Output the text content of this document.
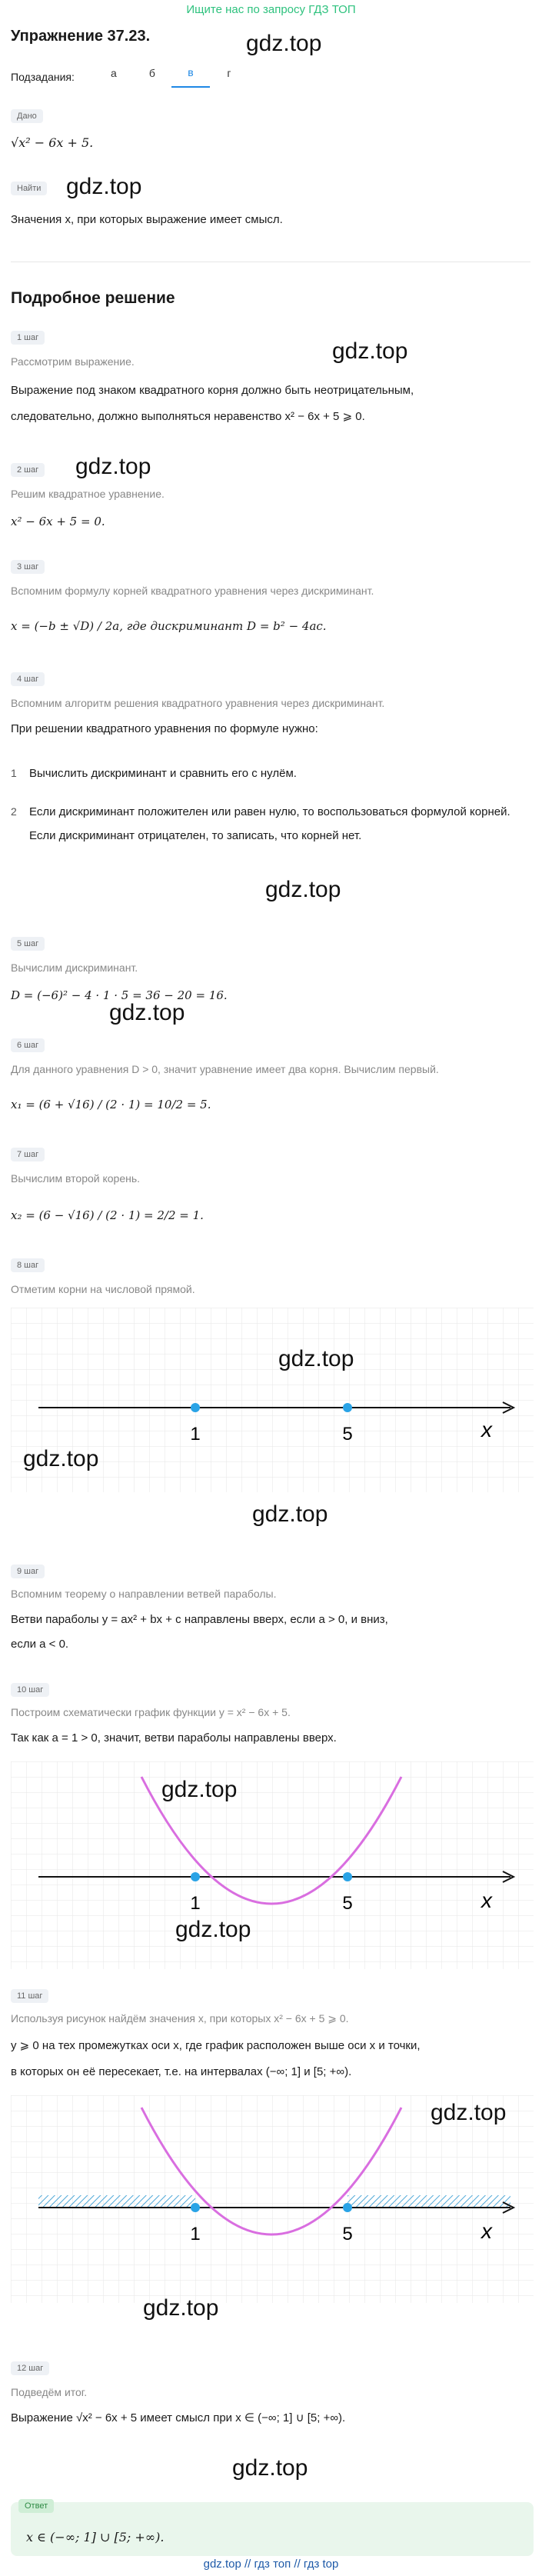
Ищите нас по запросу ГДЗ ТОП
Упражнение 37.23.	gdz.top
Подзадания:	а	б	в	г
Дано
√x² − 6x + 5.
Найти gdz.top
Значения x, при которых выражение имеет смысл.
Подробное решение
1 шаг
gdz.top
Рассмотрим выражение.
Выражение под знаком квадратного корня должно быть неотрицательным,
следовательно, должно выполняться неравенство x² − 6x + 5 ⩾ 0.
2 шаг gdz.top
Решим квадратное уравнение.
x² − 6x + 5 = 0.
3 шаг
Вспомним формулу корней квадратного уравнения через дискриминант.
x = (−b ± √D) / 2a, где дискриминант D = b² − 4ac.
4 шаг
Вспомним алгоритм решения квадратного уравнения через дискриминант.
При решении квадратного уравнения по формуле нужно:
1	Вычислить дискриминант и сравнить его с нулём.
2	Если дискриминант положителен или равен нулю, то воспользоваться формулой корней. Если дискриминант отрицателен, то записать, что корней нет.
gdz.top
5 шаг
Вычислим дискриминант.
D = (−6)² − 4 · 1 · 5 = 36 − 20 = 16.
gdz.top
6 шаг
Для данного уравнения D > 0, значит уравнение имеет два корня. Вычислим первый.
x₁ = (6 + √16) / (2 · 1) = 10/2 = 5.
7 шаг
Вычислим второй корень.
x₂ = (6 − √16) / (2 · 1) = 2/2 = 1.
8 шаг
Отметим корни на числовой прямой.
1	5	x
gdz.top
gdz.top
gdz.top
9 шаг
Вспомним теорему о направлении ветвей параболы.
Ветви параболы y = ax² + bx + c направлены вверх, если a > 0, и вниз,
если a < 0.
10 шаг
Построим схематически график функции y = x² − 6x + 5.
Так как a = 1 > 0, значит, ветви параболы направлены вверх.
1	5	x
gdz.top
gdz.top
11 шаг
Используя рисунок найдём значения x, при которых x² − 6x + 5 ⩾ 0.
y ⩾ 0 на тех промежутках оси x, где график расположен выше оси x и точки,
в которых он её пересекает, т.е. на интервалах (−∞; 1] и [5; +∞).
1	5	x
gdz.top
gdz.top
12 шаг
Подведём итог.
Выражение √x² − 6x + 5 имеет смысл при x ∈ (−∞; 1] ∪ [5; +∞).
gdz.top
Ответ
x ∈ (−∞; 1] ∪ [5; +∞).
gdz.top // гдз топ // гдз top
